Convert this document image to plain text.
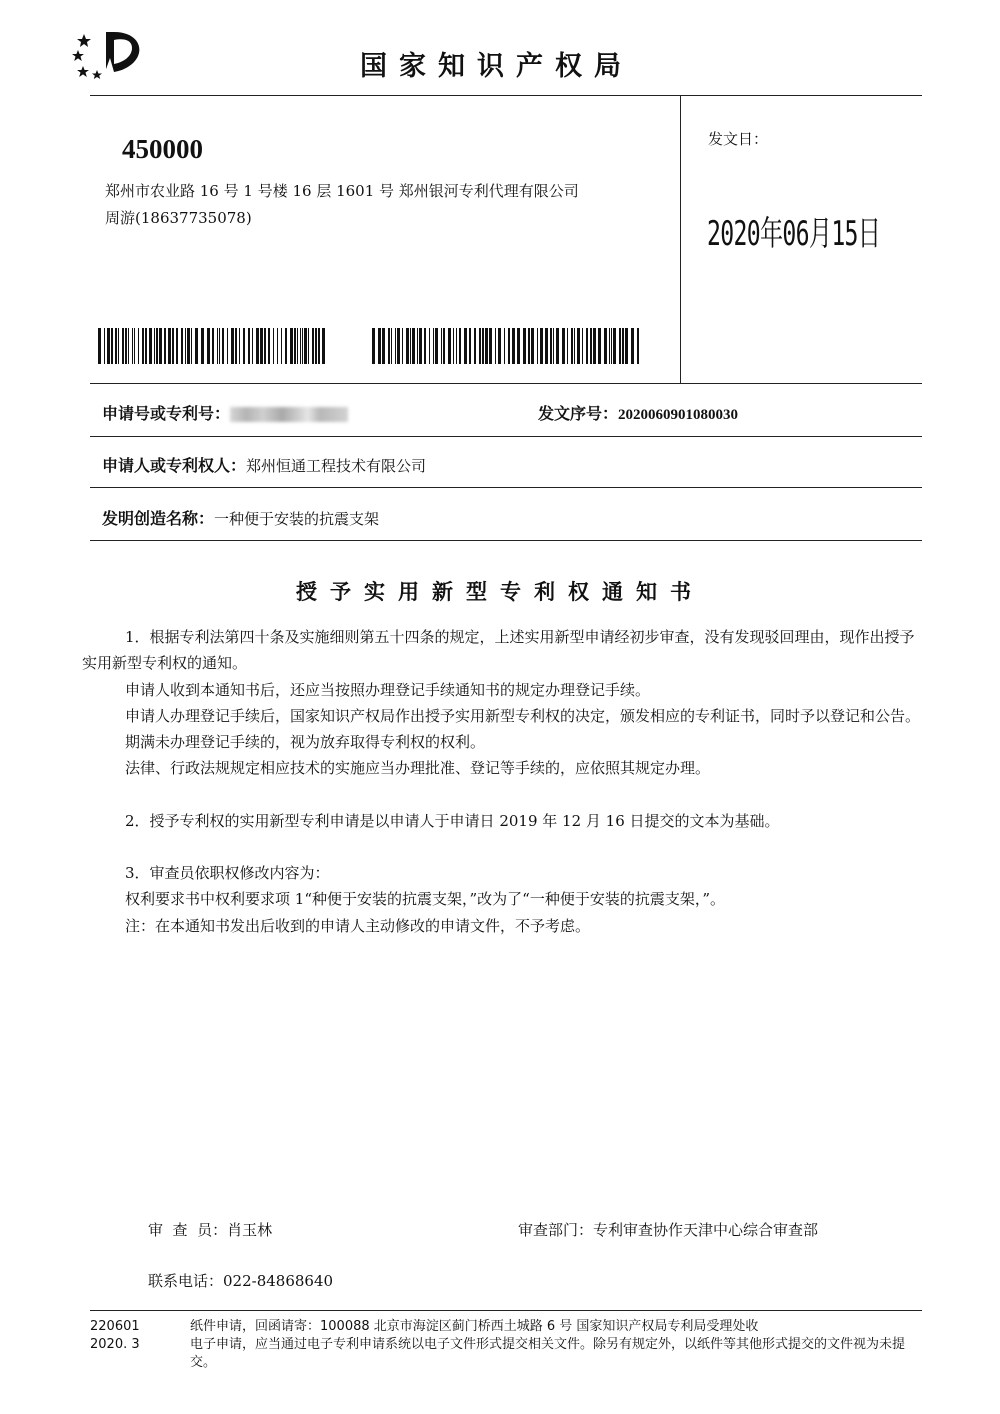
国家知识产权局
450000
郑州市农业路 16 号 1 号楼 16 层 1601 号 郑州银河专利代理有限公司
周游(18637735078)
发文日：
2020年06月15日
申请号或专利号：	发文序号：2020060901080030
申请人或专利权人：郑州恒通工程技术有限公司
发明创造名称：一种便于安装的抗震支架
授予实用新型专利权通知书

1．根据专利法第四十条及实施细则第五十四条的规定，上述实用新型申请经初步审查，没有发现驳回理由，现作出授予实用新型专利权的通知。

申请人收到本通知书后，还应当按照办理登记手续通知书的规定办理登记手续。

申请人办理登记手续后，国家知识产权局作出授予实用新型专利权的决定，颁发相应的专利证书，同时予以登记和公告。

期满未办理登记手续的，视为放弃取得专利权的权利。

法律、行政法规规定相应技术的实施应当办理批准、登记等手续的，应依照其规定办理。

2．授予专利权的实用新型专利申请是以申请人于申请日 2019 年 12 月 16 日提交的文本为基础。

3．审查员依职权修改内容为：

权利要求书中权利要求项 1“种便于安装的抗震支架，”改为了“一种便于安装的抗震支架，”。

注：在本通知书发出后收到的申请人主动修改的申请文件，不予考虑。

审  查  员：肖玉林	审查部门：专利审查协作天津中心综合审查部
联系电话：022-84868640
220601
2020. 3
纸件申请，回函请寄：100088 北京市海淀区蓟门桥西土城路 6 号 国家知识产权局专利局受理处收
电子申请，应当通过电子专利申请系统以电子文件形式提交相关文件。除另有规定外，以纸件等其他形式提交的文件视为未提交。
